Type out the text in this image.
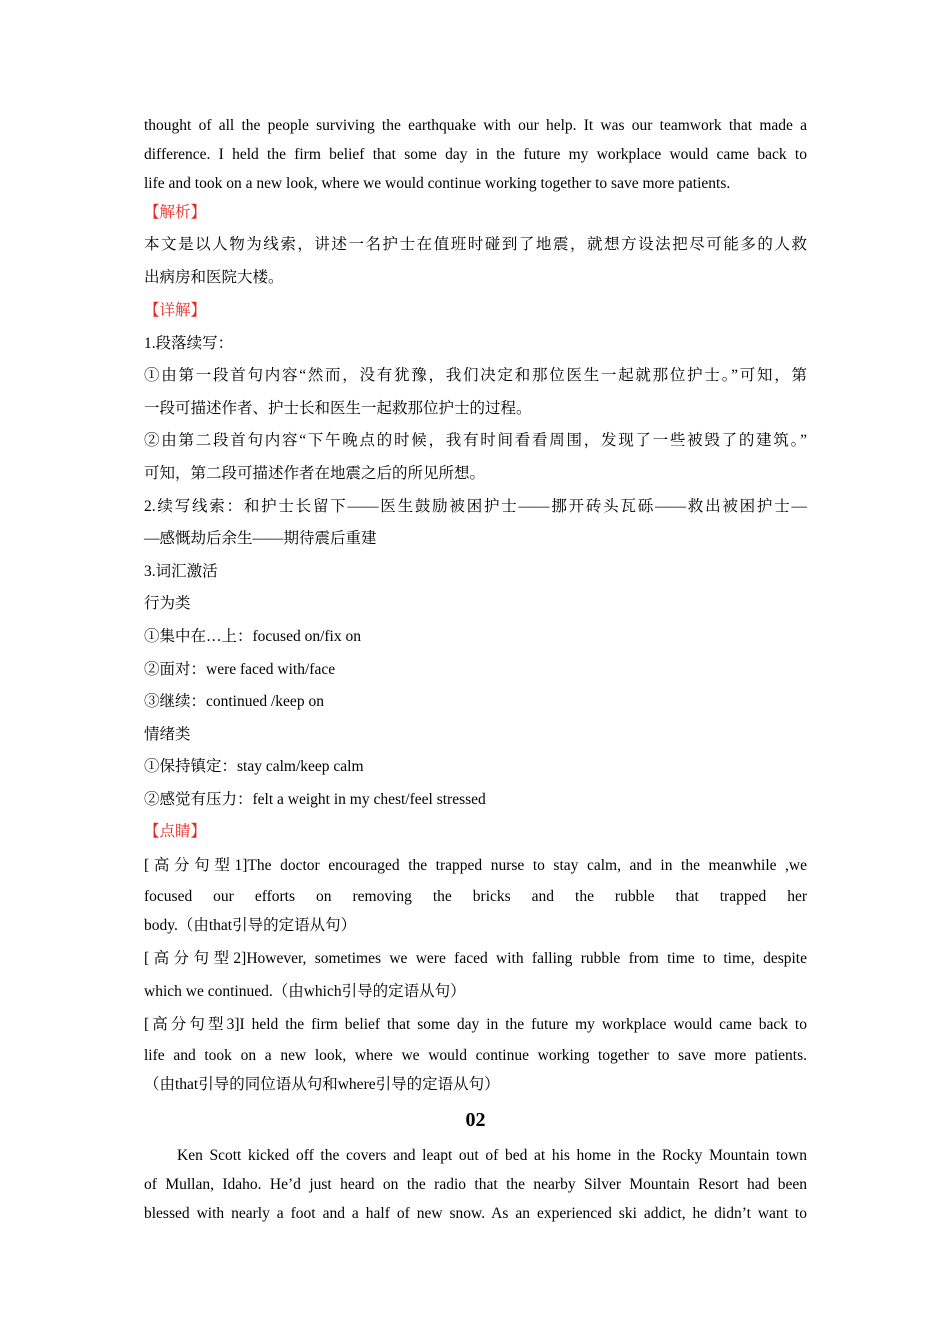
thought of all the people surviving the earthquake with our help. It was our teamwork that made a
difference. I held the firm belief that some day in the future my workplace would came back to
life and took on a new look, where we would continue working together to save more patients.
【解析】
本文是以人物为线索，讲述一名护士在值班时碰到了地震，就想方设法把尽可能多的人救
出病房和医院大楼。
【详解】
1.段落续写：
①由第一段首句内容“然而，没有犹豫，我们决定和那位医生一起就那位护士。”可知，第
一段可描述作者、护士长和医生一起救那位护士的过程。
②由第二段首句内容“下午晚点的时候，我有时间看看周围，发现了一些被毁了的建筑。”
可知，第二段可描述作者在地震之后的所见所想。
2.续写线索：和护士长留下——医生鼓励被困护士——挪开砖头瓦砾——救出被困护士—
—感慨劫后余生——期待震后重建
3.词汇激活
行为类
①集中在…上：focused on/fix on
②面对：were faced with/face
③继续：continued /keep on
情绪类
①保持镇定：stay calm/keep calm
②感觉有压力：felt a weight in my chest/feel stressed
【点睛】
[高分句型1]The doctor encouraged the trapped nurse to stay calm, and in the meanwhile ,we
focused our efforts on removing the bricks and the rubble that trapped her
body.（由that引导的定语从句）
[高分句型2]However, sometimes we were faced with falling rubble from time to time, despite
which we continued.（由which引导的定语从句）
[高分句型3]I held the firm belief that some day in the future my workplace would came back to
life and took on a new look, where we would continue working together to save more patients.
（由that引导的同位语从句和where引导的定语从句）
02
Ken Scott kicked off the covers and leapt out of bed at his home in the Rocky Mountain town
of Mullan, Idaho. He’d just heard on the radio that the nearby Silver Mountain Resort had been
blessed with nearly a foot and a half of new snow. As an experienced ski addict, he didn’t want to
